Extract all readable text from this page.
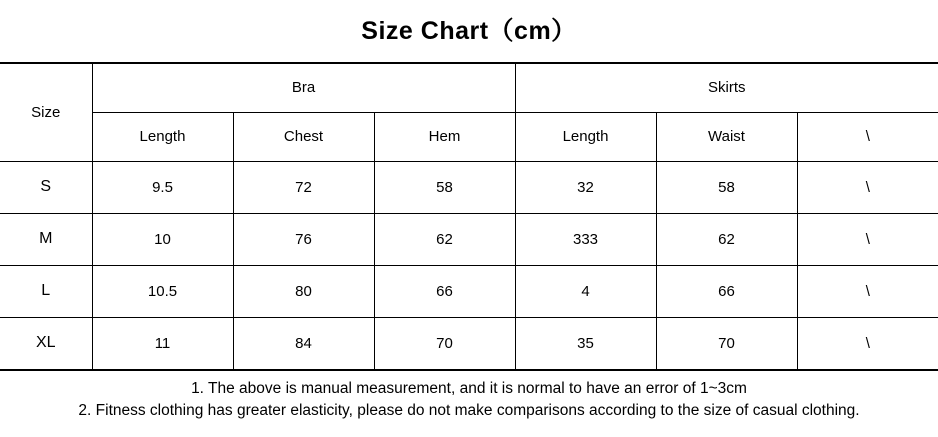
Size Chart（cm）
Size	Bra			Skirts		
	Length	Chest	Hem	Length	Waist	\
S	9.5	72	58	32	58	\
M	10	76	62	333	62	\
L	10.5	80	66	4	66	\
XL	11	84	70	35	70	\
1. The above is manual measurement, and it is normal to have an error of 1~3cm
2. Fitness clothing has greater elasticity, please do not make comparisons according to the size of casual clothing.
